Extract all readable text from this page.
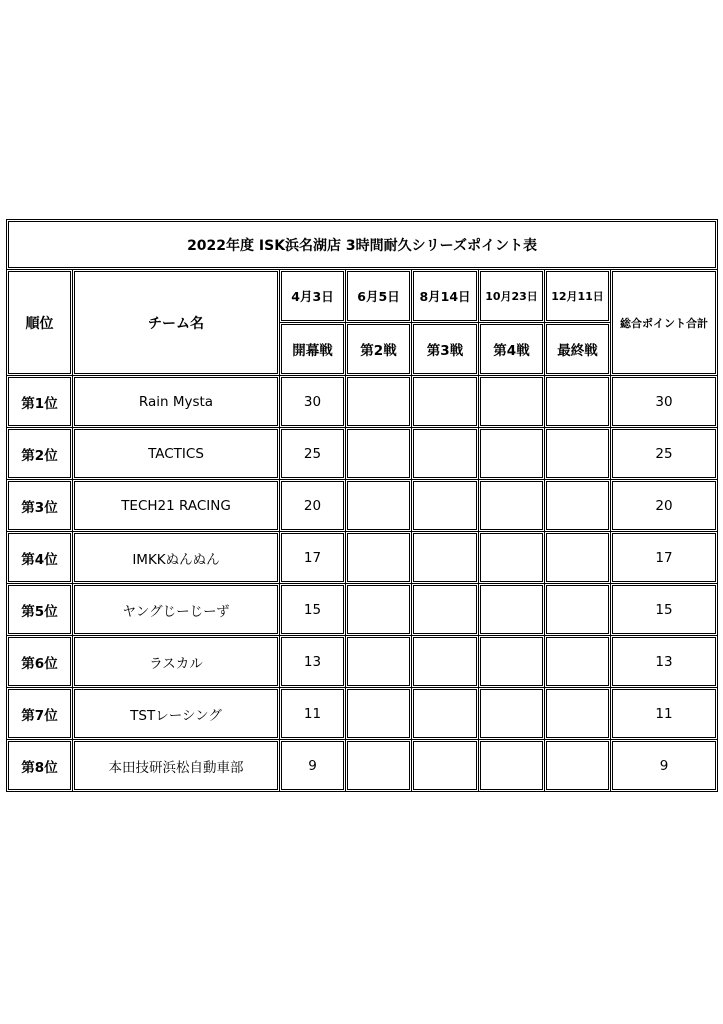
2022年度 ISK浜名湖店 3時間耐久シリーズポイント表							
順位	チーム名	4月3日	6月5日	8月14日	10月23日	12月11日	総合ポイント合計
		開幕戦	第2戦	第3戦	第4戦	最終戦	
第1位	Rain Mysta	30					30
第2位	TACTICS	25					25
第3位	TECH21 RACING	20					20
第4位	IMKKぬんぬん	17					17
第5位	ヤングじーじーず	15					15
第6位	ラスカル	13					13
第7位	TSTレーシング	11					11
第8位	本田技研浜松自動車部	9					9
